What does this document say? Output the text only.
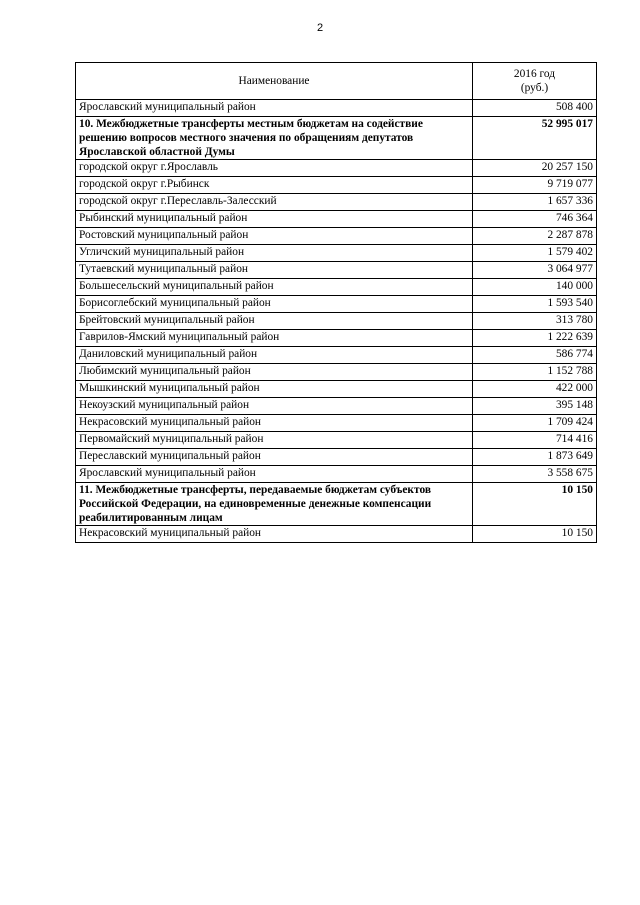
2
Наименование	2016 год
(руб.)

Ярославский муниципальный район	508 400
10. Межбюджетные трансферты местным бюджетам на содействие решению вопросов местного значения по обращениям депутатов Ярославской областной Думы	52 995 017
городской округ г.Ярославль	20 257 150
городской округ г.Рыбинск	9 719 077
городской округ г.Переславль-Залесский	1 657 336
Рыбинский муниципальный район	746 364
Ростовский муниципальный район	2 287 878
Угличский муниципальный район	1 579 402
Тутаевский муниципальный район	3 064 977
Большесельский муниципальный район	140 000
Борисоглебский муниципальный район	1 593 540
Брейтовский муниципальный район	313 780
Гаврилов-Ямский муниципальный район	1 222 639
Даниловский муниципальный район	586 774
Любимский муниципальный район	1 152 788
Мышкинский муниципальный район	422 000
Некоузский муниципальный район	395 148
Некрасовский муниципальный район	1 709 424
Первомайский муниципальный район	714 416
Переславский муниципальный район	1 873 649
Ярославский муниципальный район	3 558 675
11. Межбюджетные трансферты, передаваемые бюджетам субъектов Российской Федерации, на единовременные денежные компенсации реабилитированным лицам	10 150
Некрасовский муниципальный район	10 150
